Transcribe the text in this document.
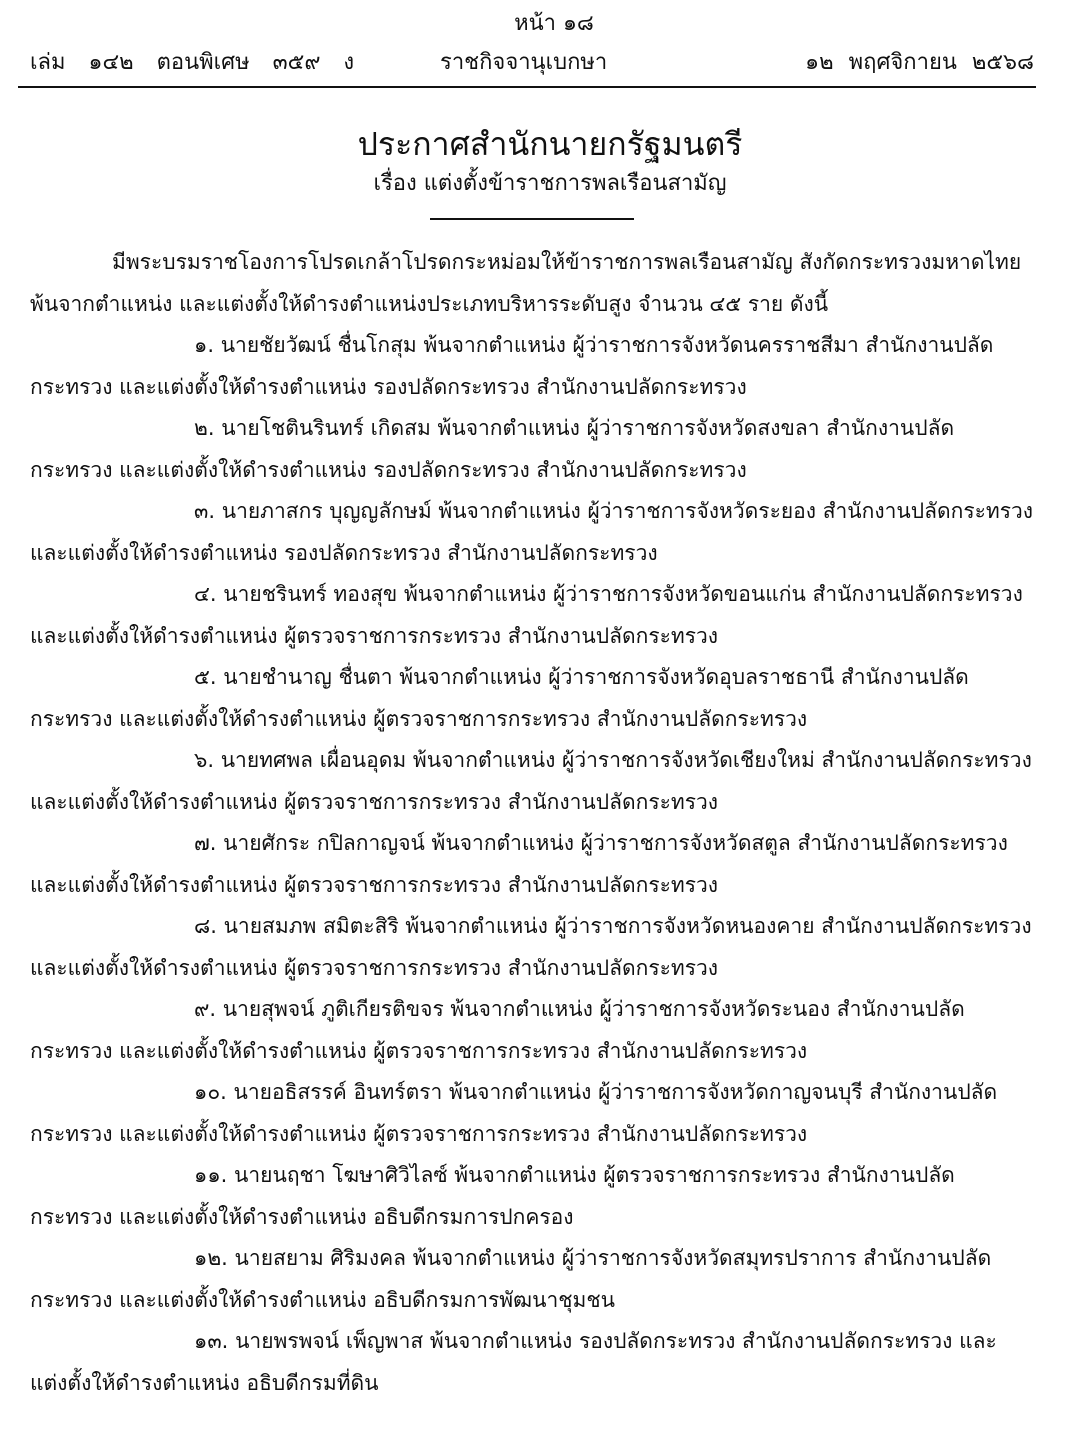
หน้า ๑๘
เล่ม ๑๔๒ ตอนพิเศษ ๓๕๙ ง	ราชกิจจานุเบกษา	๑๒ พฤศจิกายน ๒๕๖๘
ประกาศสำนักนายกรัฐมนตรี
เรื่อง แต่งตั้งข้าราชการพลเรือนสามัญ

มีพระบรมราชโองการโปรดเกล้าโปรดกระหม่อมให้ข้าราชการพลเรือนสามัญ สังกัดกระทรวงมหาดไทย พ้นจากตำแหน่ง และแต่งตั้งให้ดำรงตำแหน่งประเภทบริหารระดับสูง จำนวน ๔๕ ราย ดังนี้

๑. นายชัยวัฒน์ ชื่นโกสุม พ้นจากตำแหน่ง ผู้ว่าราชการจังหวัดนครราชสีมา สำนักงานปลัดกระทรวง และแต่งตั้งให้ดำรงตำแหน่ง รองปลัดกระทรวง สำนักงานปลัดกระทรวง

๒. นายโชตินรินทร์ เกิดสม พ้นจากตำแหน่ง ผู้ว่าราชการจังหวัดสงขลา สำนักงานปลัดกระทรวง และแต่งตั้งให้ดำรงตำแหน่ง รองปลัดกระทรวง สำนักงานปลัดกระทรวง

๓. นายภาสกร บุญญลักษม์ พ้นจากตำแหน่ง ผู้ว่าราชการจังหวัดระยอง สำนักงานปลัดกระทรวง และแต่งตั้งให้ดำรงตำแหน่ง รองปลัดกระทรวง สำนักงานปลัดกระทรวง

๔. นายชรินทร์ ทองสุข พ้นจากตำแหน่ง ผู้ว่าราชการจังหวัดขอนแก่น สำนักงานปลัดกระทรวง และแต่งตั้งให้ดำรงตำแหน่ง ผู้ตรวจราชการกระทรวง สำนักงานปลัดกระทรวง

๕. นายชำนาญ ชื่นตา พ้นจากตำแหน่ง ผู้ว่าราชการจังหวัดอุบลราชธานี สำนักงานปลัดกระทรวง และแต่งตั้งให้ดำรงตำแหน่ง ผู้ตรวจราชการกระทรวง สำนักงานปลัดกระทรวง

๖. นายทศพล เผื่อนอุดม พ้นจากตำแหน่ง ผู้ว่าราชการจังหวัดเชียงใหม่ สำนักงานปลัดกระทรวง และแต่งตั้งให้ดำรงตำแหน่ง ผู้ตรวจราชการกระทรวง สำนักงานปลัดกระทรวง

๗. นายศักระ กปิลกาญจน์ พ้นจากตำแหน่ง ผู้ว่าราชการจังหวัดสตูล สำนักงานปลัดกระทรวง และแต่งตั้งให้ดำรงตำแหน่ง ผู้ตรวจราชการกระทรวง สำนักงานปลัดกระทรวง

๘. นายสมภพ สมิตะสิริ พ้นจากตำแหน่ง ผู้ว่าราชการจังหวัดหนองคาย สำนักงานปลัดกระทรวง และแต่งตั้งให้ดำรงตำแหน่ง ผู้ตรวจราชการกระทรวง สำนักงานปลัดกระทรวง

๙. นายสุพจน์ ภูติเกียรติขจร พ้นจากตำแหน่ง ผู้ว่าราชการจังหวัดระนอง สำนักงานปลัดกระทรวง และแต่งตั้งให้ดำรงตำแหน่ง ผู้ตรวจราชการกระทรวง สำนักงานปลัดกระทรวง

๑๐. นายอธิสรรค์ อินทร์ตรา พ้นจากตำแหน่ง ผู้ว่าราชการจังหวัดกาญจนบุรี สำนักงานปลัดกระทรวง และแต่งตั้งให้ดำรงตำแหน่ง ผู้ตรวจราชการกระทรวง สำนักงานปลัดกระทรวง

๑๑. นายนฤชา โฆษาศิวิไลซ์ พ้นจากตำแหน่ง ผู้ตรวจราชการกระทรวง สำนักงานปลัดกระทรวง และแต่งตั้งให้ดำรงตำแหน่ง อธิบดีกรมการปกครอง

๑๒. นายสยาม ศิริมงคล พ้นจากตำแหน่ง ผู้ว่าราชการจังหวัดสมุทรปราการ สำนักงานปลัดกระทรวง และแต่งตั้งให้ดำรงตำแหน่ง อธิบดีกรมการพัฒนาชุมชน

๑๓. นายพรพจน์ เพ็ญพาส พ้นจากตำแหน่ง รองปลัดกระทรวง สำนักงานปลัดกระทรวง และแต่งตั้งให้ดำรงตำแหน่ง อธิบดีกรมที่ดิน
